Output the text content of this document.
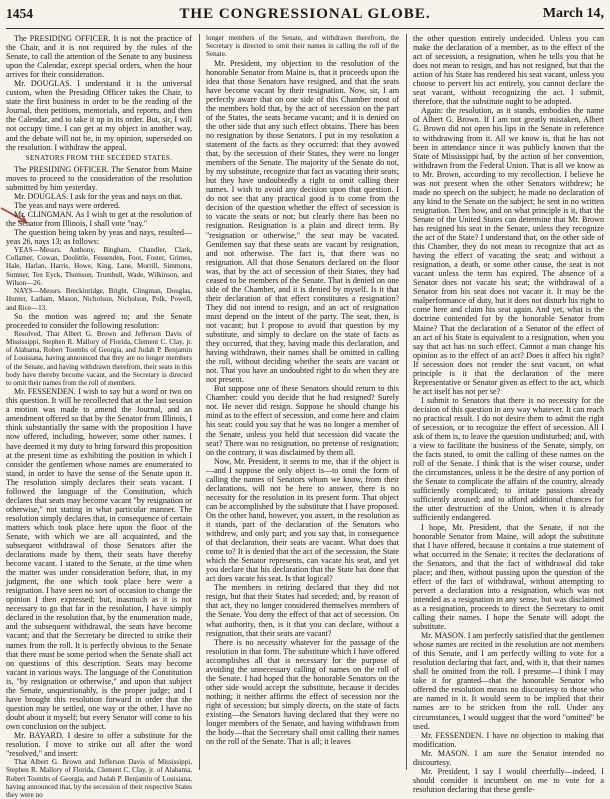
1454	THE CONGRESSIONAL GLOBE.	March 14,

The PRESIDING OFFICER. It is not the practice of the Chair, and it is not required by the rules of the Senate, to call the attention of the Senate to any business upon the Calendar, except special orders, when the hour arrives for their consideration.

Mr. DOUGLAS. I understand it is the universal custom, when the Presiding Officer takes the Chair, to state the first business in order to be the reading of the Journal, then petitions, memorials, and reports, and then the Calendar, and to take it up in its order. But, sir, I will not occupy time. I can get at my object in another way, and the debate will not be, in my opinion, superseded on the resolution. I withdraw the appeal.

SENATORS FROM THE SECEDED STATES.

The PRESIDING OFFICER. The Senator from Maine moves to proceed to the consideration of the resolution submitted by him yesterday.

Mr. DOUGLAS. I ask for the yeas and nays on that.

The yeas and nays were ordered.

Mr. CLINGMAN. As I wish to get at the resolution of the Senator from Illinois, I shall vote "nay."

The question being taken by yeas and nays, resulted—yeas 26, nays 13; as follows:

YEAS—Messrs. Anthony, Bingham, Chandler, Clark, Collamer, Cowan, Doolittle, Fessenden, Foot, Foster, Grimes, Hale, Harlan, Harris, Howe, King, Lane, Morrill, Simmons, Sumner, Ten Eyck, Thomson, Trumbull, Wade, Wilkinson, and Wilson—26.

NAYS—Messrs. Breckinridge, Bright, Clingman, Douglas, Hunter, Latham, Mason, Nicholson, Nicholson, Polk, Powell, and Rice—13.

So the motion was agreed to; and the Senate proceeded to consider the following resolution:

Resolved, That Albert G. Brown and Jefferson Davis of Mississippi, Stephen R. Mallory of Florida, Clement C. Clay, jr. of Alabama, Robert Toombs of Georgia, and Judah P. Benjamin of Louisiana, having announced that they are no longer members of the Senate, and having withdrawn therefrom, their seats in this body have thereby become vacant, and the Secretary is directed to omit their names from the roll of members.

Mr. FESSENDEN. I wish to say but a word or two on this question. It will be recollected that at the last session a motion was made to amend the Journal, and an amendment offered so that by the Senator from Illinois, I think substantially the same with the proposition I have now offered, including, however, some other names. I have deemed it my duty to bring forward this proposition at the present time as exhibiting the position in which I consider the gentlemen whose names are enumerated to stand, in order to have the sense of the Senate upon it. The resolution simply declares their seats vacant. I followed the language of the Constitution, which declares that seats may become vacant "by resignation or otherwise," not stating in what particular manner. The resolution simply declares that, in consequence of certain matters which took place here upon the floor of the Senate, with which we are all acquainted, and the subsequent withdrawal of those Senators after the declarations made by them, their seats have thereby become vacant. I stated to the Senate, at the time when the matter was under consideration before, that, in my judgment, the one which took place here were a resignation. I have seen no sort of occasion to change the opinion I then expressed; but, inasmuch as it is not necessary to go that far in the resolution, I have simply declared in the resolution that, by the enumeration made, and the subsequent withdrawal, the seats have become vacant; and that the Secretary be directed to strike their names from the roll. It is perfectly obvious to the Senate that there must be some period when the Senate shall act on questions of this description. Seats may become vacant in various ways. The language of the Constitution is, "by resignation or otherwise," and upon that subject the Senate, unquestionably, is the proper judge; and I have brought this resolution forward in order that the question may be settled, one way or the other. I have no doubt about it myself; but every Senator will come to his own conclusion on the subject.

Mr. BAYARD. I desire to offer a substitute for the resolution. I move to strike out all after the word "resolved," and insert:

That Albert G. Brown and Jefferson Davis of Mississippi, Stephen R. Mallory of Florida, Clement C. Clay, jr. of Alabama, Robert Toombs of Georgia, and Judah P. Benjamin of Louisiana, having announced that, by the secession of their respective States they were no

longer members of the Senate, and withdrawn therefrom, the Secretary is directed to omit their names in calling the roll of the Senate.

Mr. President, my objection to the resolution of the honorable Senator from Maine is, that it proceeds upon the idea that those Senators have resigned, and that the seats have become vacant by their resignation. Now, sir, I am perfectly aware that on one side of this Chamber most of the members hold that, by the act of secession on the part of the States, the seats became vacant; and it is denied on the other side that any such effect obtains. There has been no resignation by those Senators. I put in my resolution a statement of the facts as they occurred: that they avowed that, by the secession of their States, they were no longer members of the Senate. The majority of the Senate do not, by my substitute, recognize that fact as vacating their seats; but they have undoubtedly a right to omit calling their names. I wish to avoid any decision upon that question. I do not see that any practical good is to come from the decision of the question whether the effect of secession is to vacate the seats or not; but clearly there has been no resignation. Resignation is a plain and direct term. By "resignation or otherwise," the seat may be vacated. Gentlemen say that these seats are vacant by resignation, and not otherwise. The fact is, that there was no resignation. All that those Senators declared on the floor was, that by the act of secession of their States, they had ceased to be members of the Senate. That is denied on one side of the Chamber, and it is denied by myself. Is it that their declaration of that effect constitutes a resignation? They did not intend to resign, and an act of resignation must depend on the intent of the party. The seat, then, is not vacant; but I propose to avoid that question by my substitute, and simply to declare on the state of facts as they occurred, that they, having made this declaration, and having withdrawn, their names shall be omitted in calling the roll, without deciding whether the seats are vacant or not. That you have an undoubted right to do when they are not present.

But suppose one of these Senators should return to this Chamber: could you decide that he had resigned? Surely not. He never did resign. Suppose he should change his mind as to the effect of secession, and come here and claim his seat: could you say that he was no longer a member of the Senate, unless you held that secession did vacate the seat? There was no resignation, no pretense of resignation; on the contrary, it was disclaimed by them all.

Now, Mr. President, it seems to me, that if the object is—and I suppose the only object is—to omit the form of calling the names of Senators whom we know, from their declarations, will not be here to answer, there is no necessity for the resolution in its present form. That object can be accomplished by the substitute that I have proposed. On the other hand, however, you assert, in the resolution as it stands, part of the declaration of the Senators who withdrew, and only part; and you say that, in consequence of that declaration, their seats are vacant. What does that come to? It is denied that the act of the secession, the State which the Senator represents, can vacate his seat, and yet you declare that his declaration that the State has done that act does vacate his seat. Is that logical?

The members in retiring declared that they did not resign, but that their States had seceded; and, by reason of that act, they no longer considered themselves members of the Senate. You deny the effect of that act of secession. On what authority, then, is it that you can declare, without a resignation, that their seats are vacant?

There is no necessity whatever for the passage of the resolution in that form. The substitute which I have offered accomplishes all that is necessary for the purpose of avoiding the unnecessary calling of names on the roll of the Senate. I had hoped that the honorable Senators on the other side would accept the substitute, because it decides nothing; it neither affirms the effect of secession nor the right of secession; but simply directs, on the state of facts existing—the Senators having declared that they were no longer members of the Senate, and having withdrawn from the body—that the Secretary shall omit calling their names on the roll of the Senate. That is all; it leaves

the other question entirely undecided. Unless you can make the declaration of a member, as to the effect of the act of secession, a resignation, when he tells you that he does not mean to resign, and has not resigned, but that the action of his State has rendered his seat vacant, unless you choose to pervert his act entirely, you cannot declare the seat vacant, without recognizing the act. I submit, therefore, that the substitute ought to be adopted.

Again: the resolution, as it stands, embodies the name of Albert G. Brown. If I am not greatly mistaken, Albert G. Brown did not open his lips in the Senate in reference to withdrawing from it. All we know is, that he has not been in attendance since it was publicly known that the State of Mississippi had, by the action of her convention, withdrawn from the Federal Union. That is all we know as to Mr. Brown, according to my recollection. I believe he was not present when the other Senators withdrew; he made no speech on the subject; he made no declaration of any kind to the Senate on the subject; he sent in no written resignation. Then how, and on what principle is it, that the Senate of the United States can determine that Mr. Brown has resigned his seat in the Senate, unless they recognize the act of the State? I understand that, on the other side of this Chamber, they do not mean to recognize that act as having the effect of vacating the seat; and without a resignation, a death, or some other cause, the seat is not vacant unless the term has expired. The absence of a Senator does not vacate his seat; the withdrawal of a Senator from his seat does not vacate it. It may be the malperformance of duty, but it does not disturb his right to come here and claim his seat again. And yet, what is the doctrine contended for by the honorable Senator from Maine? That the declaration of a Senator of the effect of an act of his State is equivalent to a resignation, when you say that act has no such effect. Cannot a man change his opinion as to the effect of an act? Does it affect his right? If secession does not render the seat vacant, on what principle is it that the declaration of the mere Representative or Senator given as effect to the act, which he act itself has not per se?

I submit to Senators that there is no necessity for the decision of this question in any way whatever. It can reach no practical result. I do not desire them to admit the right of secession, or to recognize the effect of secession. All I ask of them is, to leave the question undisturbed; and, with a view to facilitate the business of the Senate, simply, on the facts stated, to omit the calling of these names on the roll of the Senate. I think that is the wiser course, under the circumstances, unless it be the desire of any portion of the Senate to complicate the affairs of the country, already sufficiently complicated; to irritate passions already sufficiently aroused; and to afford additional chances for the utter destruction of the Union, when it is already sufficiently endangered.

I hope, Mr. President, that the Senate, if not the honorable Senator from Maine, will adopt the substitute that I have offered, because it contains a true statement of what occurred in the Senate; it recites the declarations of the Senators, and that the fact of withdrawal did take place; and then, without passing upon the question of the effect of the fact of withdrawal, without attempting to pervert a declaration into a resignation, which was not intended as a resignation in any sense, but was disclaimed as a resignation, proceeds to direct the Secretary to omit calling their names. I hope the Senate will adopt the substitute.

Mr. MASON. I am perfectly satisfied that the gentlemen whose names are recited in the resolution are not members of this Senate, and I am perfectly willing to vote for a resolution declaring that fact, and, with it, that their names shall be omitted from the roll. I presume—I think I may take it for granted—that the honorable Senator who offered the resolution means no discourtesy to those who are named in it. It would seem to be implied that their names are to be stricken from the roll. Under any circumstances, I would suggest that the word "omitted" be used.

Mr. FESSENDEN. I have no objection to making that modification.

Mr. MASON. I am sure the Senator intended no discourtesy.

Mr. President, I say I would cheerfully—indeed, I should consider it incumbent on me to vote for a resolution declaring that these gentle-
